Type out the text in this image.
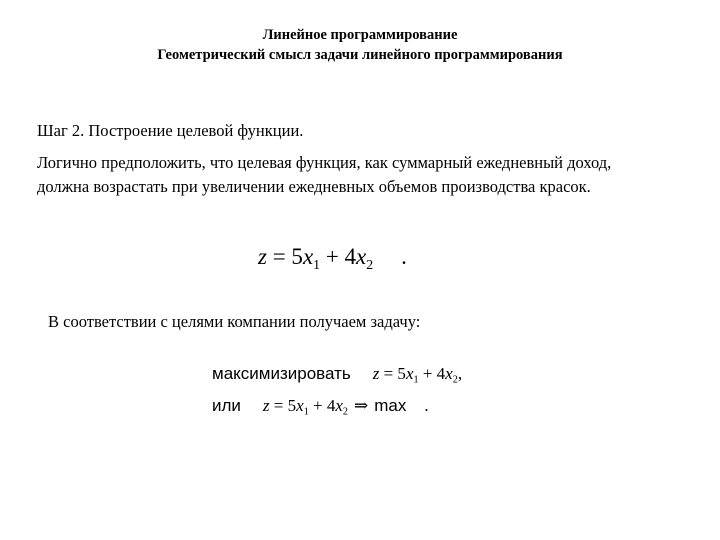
Линейное программирование
Геометрический смысл задачи линейного программирования
Шаг 2. Построение целевой функции.
Логично предположить, что целевая функция, как суммарный ежедневный доход,
должна возрастать при увеличении ежедневных объемов производства красок.
$z = 5x_1 + 4x_2$ .
В соответствии с целями компании получаем задачу:
максимизировать $z = 5x_1 + 4x_2$,
или $z = 5x_1 + 4x_2$ ⇒ max .
